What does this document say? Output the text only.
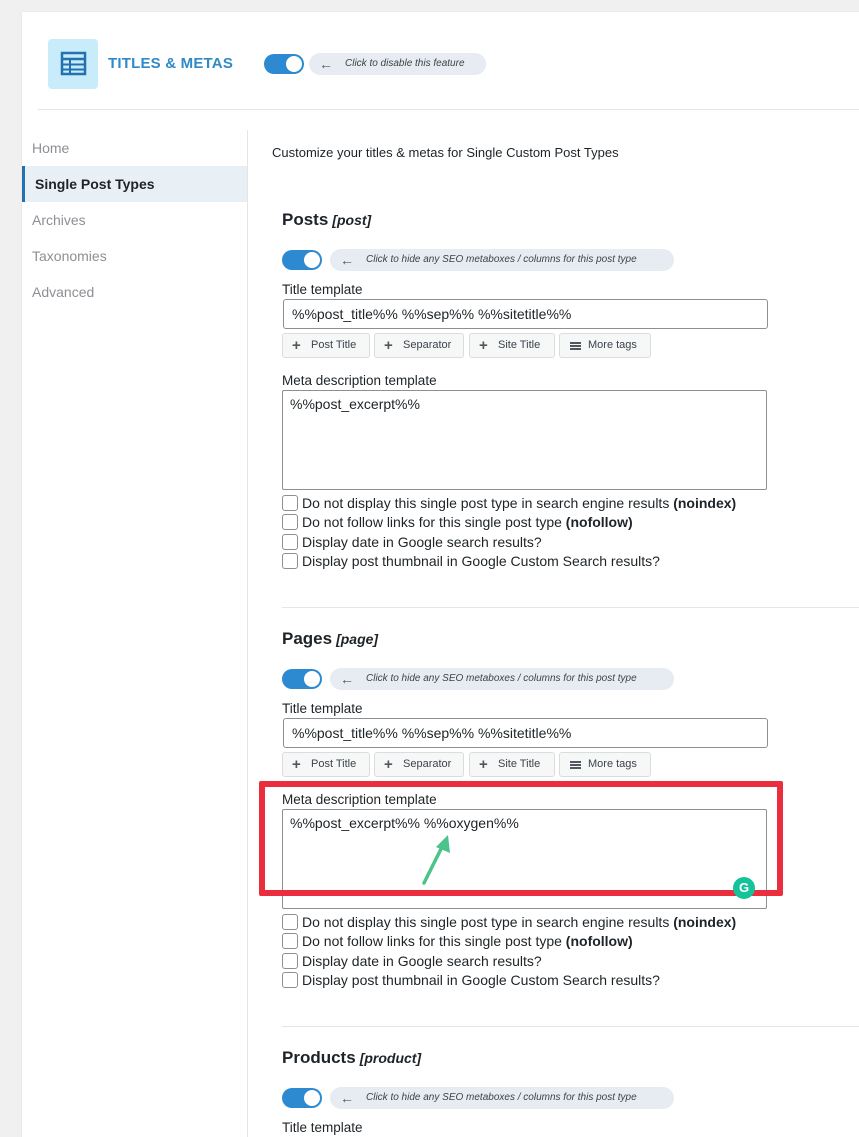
TITLES & METAS	← Click to disable this feature
Home
Single Post Types
Archives
Taxonomies
Advanced
Customize your titles & metas for Single Custom Post Types
Posts [post]
← Click to hide any SEO metaboxes / columns for this post type
Title template
%%post_title%% %%sep%% %%sitetitle%%
+ Post Title	+ Separator	+ Site Title	More tags
Meta description template
%%post_excerpt%%
Do not display this single post type in search engine results (noindex)
Do not follow links for this single post type (nofollow)
Display date in Google search results?
Display post thumbnail in Google Custom Search results?
Pages [page]
← Click to hide any SEO metaboxes / columns for this post type
Title template
%%post_title%% %%sep%% %%sitetitle%%
+ Post Title	+ Separator	+ Site Title	More tags
Meta description template
%%post_excerpt%% %%oxygen%%
G
Do not display this single post type in search engine results (noindex)
Do not follow links for this single post type (nofollow)
Display date in Google search results?
Display post thumbnail in Google Custom Search results?
Products [product]
← Click to hide any SEO metaboxes / columns for this post type
Title template
